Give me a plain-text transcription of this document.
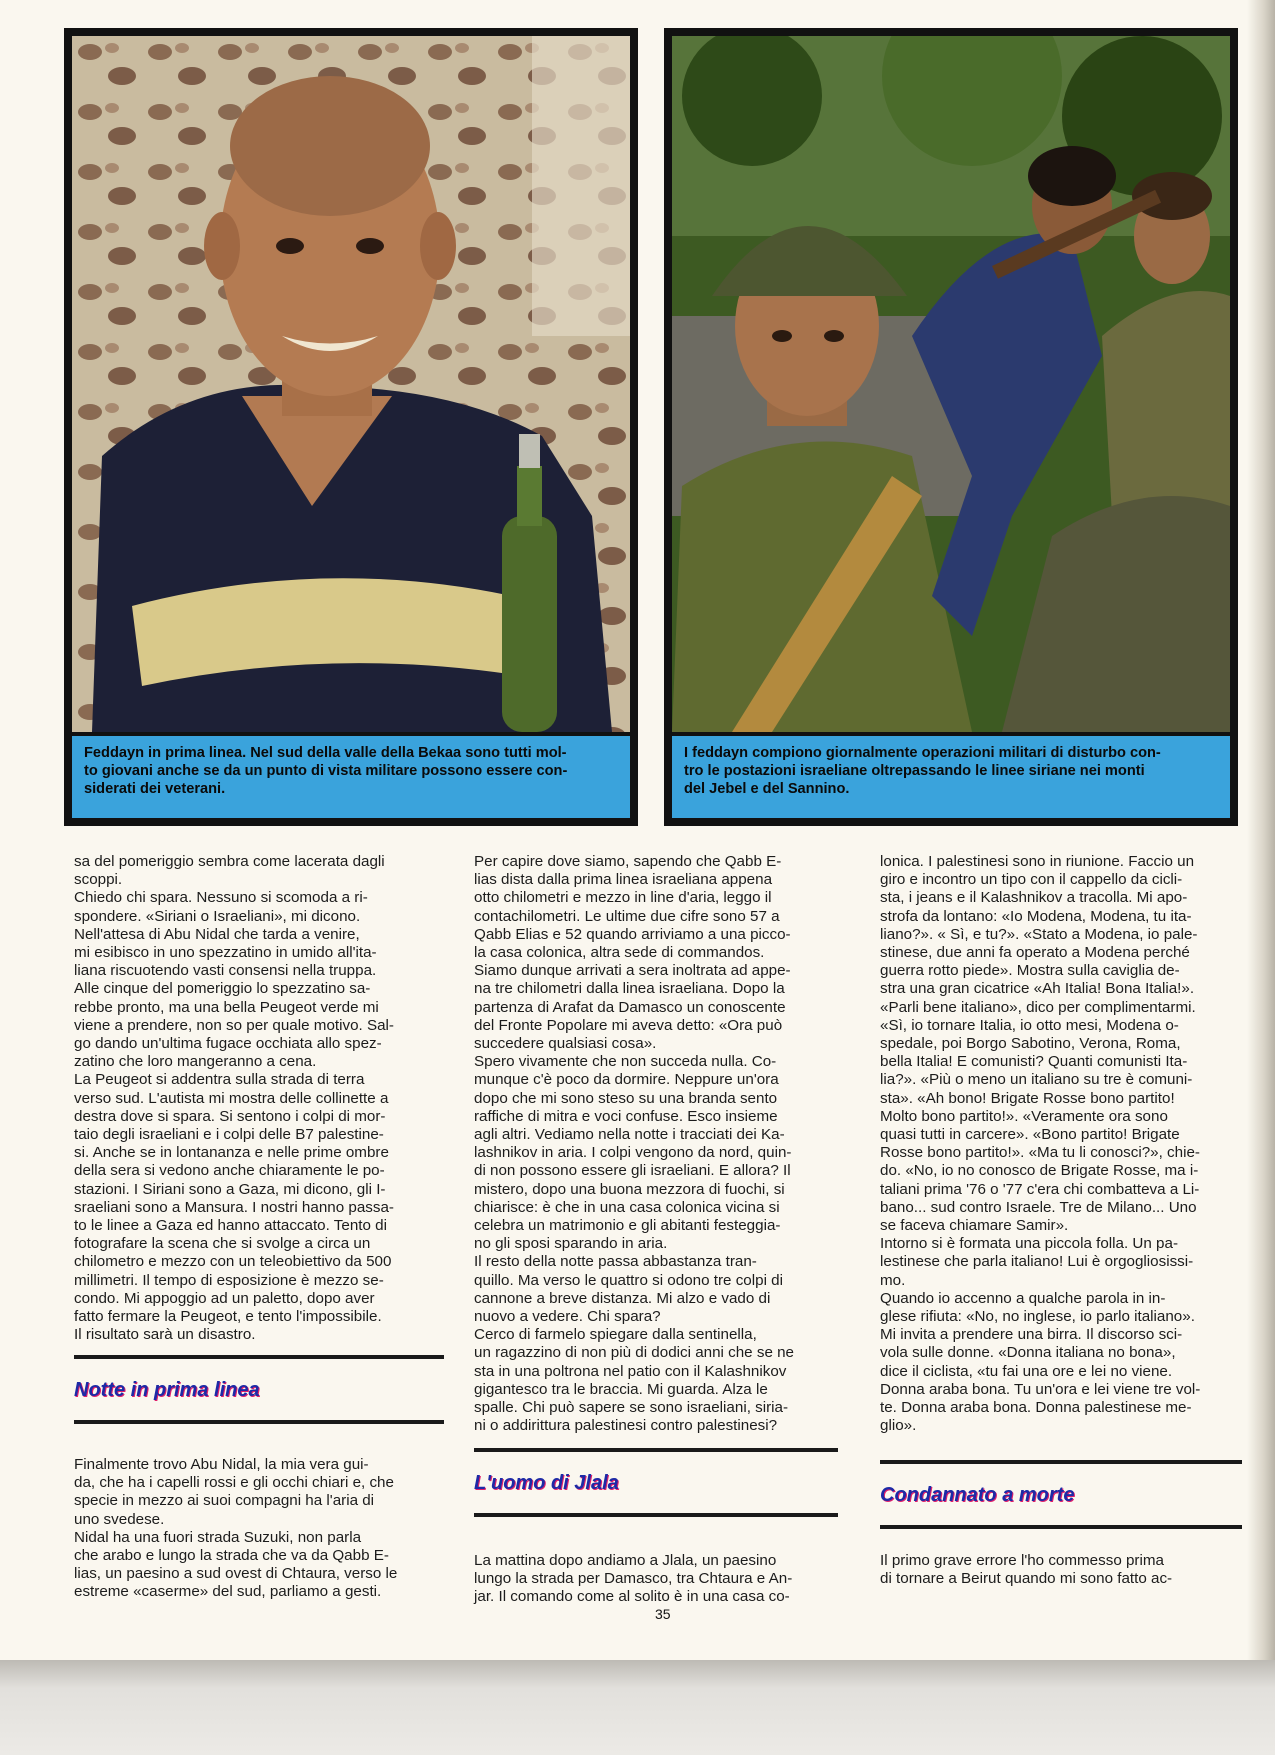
Feddayn in prima linea. Nel sud della valle della Bekaa sono tutti mol-
to giovani anche se da un punto di vista militare possono essere con-
siderati dei veterani.
I feddayn compiono giornalmente operazioni militari di disturbo con-
tro le postazioni israeliane oltrepassando le linee siriane nei monti
del Jebel e del Sannino.

sa del pomeriggio sembra come lacerata dagli
scoppi.
Chiedo chi spara. Nessuno si scomoda a ri-
spondere. «Siriani o Israeliani», mi dicono.
Nell'attesa di Abu Nidal che tarda a venire,
mi esibisco in uno spezzatino in umido all'ita-
liana riscuotendo vasti consensi nella truppa.
Alle cinque del pomeriggio lo spezzatino sa-
rebbe pronto, ma una bella Peugeot verde mi
viene a prendere, non so per quale motivo. Sal-
go dando un'ultima fugace occhiata allo spez-
zatino che loro mangeranno a cena.
La Peugeot si addentra sulla strada di terra
verso sud. L'autista mi mostra delle collinette a
destra dove si spara. Si sentono i colpi di mor-
taio degli israeliani e i colpi delle B7 palestine-
si. Anche se in lontananza e nelle prime ombre
della sera si vedono anche chiaramente le po-
stazioni. I Siriani sono a Gaza, mi dicono, gli I-
sraeliani sono a Mansura. I nostri hanno passa-
to le linee a Gaza ed hanno attaccato. Tento di
fotografare la scena che si svolge a circa un
chilometro e mezzo con un teleobiettivo da 500
millimetri. Il tempo di esposizione è mezzo se-
condo. Mi appoggio ad un paletto, dopo aver
fatto fermare la Peugeot, e tento l'impossibile.
Il risultato sarà un disastro.

Notte in prima linea

Finalmente trovo Abu Nidal, la mia vera gui-
da, che ha i capelli rossi e gli occhi chiari e, che
specie in mezzo ai suoi compagni ha l'aria di
uno svedese.
Nidal ha una fuori strada Suzuki, non parla
che arabo e lungo la strada che va da Qabb E-
lias, un paesino a sud ovest di Chtaura, verso le
estreme «caserme» del sud, parliamo a gesti.

Per capire dove siamo, sapendo che Qabb E-
lias dista dalla prima linea israeliana appena
otto chilometri e mezzo in line d'aria, leggo il
contachilometri. Le ultime due cifre sono 57 a
Qabb Elias e 52 quando arriviamo a una picco-
la casa colonica, altra sede di commandos.
Siamo dunque arrivati a sera inoltrata ad appe-
na tre chilometri dalla linea israeliana. Dopo la
partenza di Arafat da Damasco un conoscente
del Fronte Popolare mi aveva detto: «Ora può
succedere qualsiasi cosa».
Spero vivamente che non succeda nulla. Co-
munque c'è poco da dormire. Neppure un'ora
dopo che mi sono steso su una branda sento
raffiche di mitra e voci confuse. Esco insieme
agli altri. Vediamo nella notte i tracciati dei Ka-
lashnikov in aria. I colpi vengono da nord, quin-
di non possono essere gli israeliani. E allora? Il
mistero, dopo una buona mezzora di fuochi, si
chiarisce: è che in una casa colonica vicina si
celebra un matrimonio e gli abitanti festeggia-
no gli sposi sparando in aria.
Il resto della notte passa abbastanza tran-
quillo. Ma verso le quattro si odono tre colpi di
cannone a breve distanza. Mi alzo e vado di
nuovo a vedere. Chi spara?
Cerco di farmelo spiegare dalla sentinella,
un ragazzino di non più di dodici anni che se ne
sta in una poltrona nel patio con il Kalashnikov
gigantesco tra le braccia. Mi guarda. Alza le
spalle. Chi può sapere se sono israeliani, siria-
ni o addirittura palestinesi contro palestinesi?

L'uomo di Jlala

La mattina dopo andiamo a Jlala, un paesino
lungo la strada per Damasco, tra Chtaura e An-
jar. Il comando come al solito è in una casa co-

lonica. I palestinesi sono in riunione. Faccio un
giro e incontro un tipo con il cappello da cicli-
sta, i jeans e il Kalashnikov a tracolla. Mi apo-
strofa da lontano: «Io Modena, Modena, tu ita-
liano?». « Sì, e tu?». «Stato a Modena, io pale-
stinese, due anni fa operato a Modena perché
guerra rotto piede». Mostra sulla caviglia de-
stra una gran cicatrice «Ah Italia! Bona Italia!».
«Parli bene italiano», dico per complimentarmi.
«Sì, io tornare Italia, io otto mesi, Modena o-
spedale, poi Borgo Sabotino, Verona, Roma,
bella Italia! E comunisti? Quanti comunisti Ita-
lia?». «Più o meno un italiano su tre è comuni-
sta». «Ah bono! Brigate Rosse bono partito!
Molto bono partito!». «Veramente ora sono
quasi tutti in carcere». «Bono partito! Brigate
Rosse bono partito!». «Ma tu li conosci?», chie-
do. «No, io no conosco de Brigate Rosse, ma i-
taliani prima '76 o '77 c'era chi combatteva a Li-
bano... sud contro Israele. Tre de Milano... Uno
se faceva chiamare Samir».
Intorno si è formata una piccola folla. Un pa-
lestinese che parla italiano! Lui è orgogliosissi-
mo.
Quando io accenno a qualche parola in in-
glese rifiuta: «No, no inglese, io parlo italiano».
Mi invita a prendere una birra. Il discorso sci-
vola sulle donne. «Donna italiana no bona»,
dice il ciclista, «tu fai una ore e lei no viene.
Donna araba bona. Tu un'ora e lei viene tre vol-
te. Donna araba bona. Donna palestinese me-
glio».

Condannato a morte

Il primo grave errore l'ho commesso prima
di tornare a Beirut quando mi sono fatto ac-

35
